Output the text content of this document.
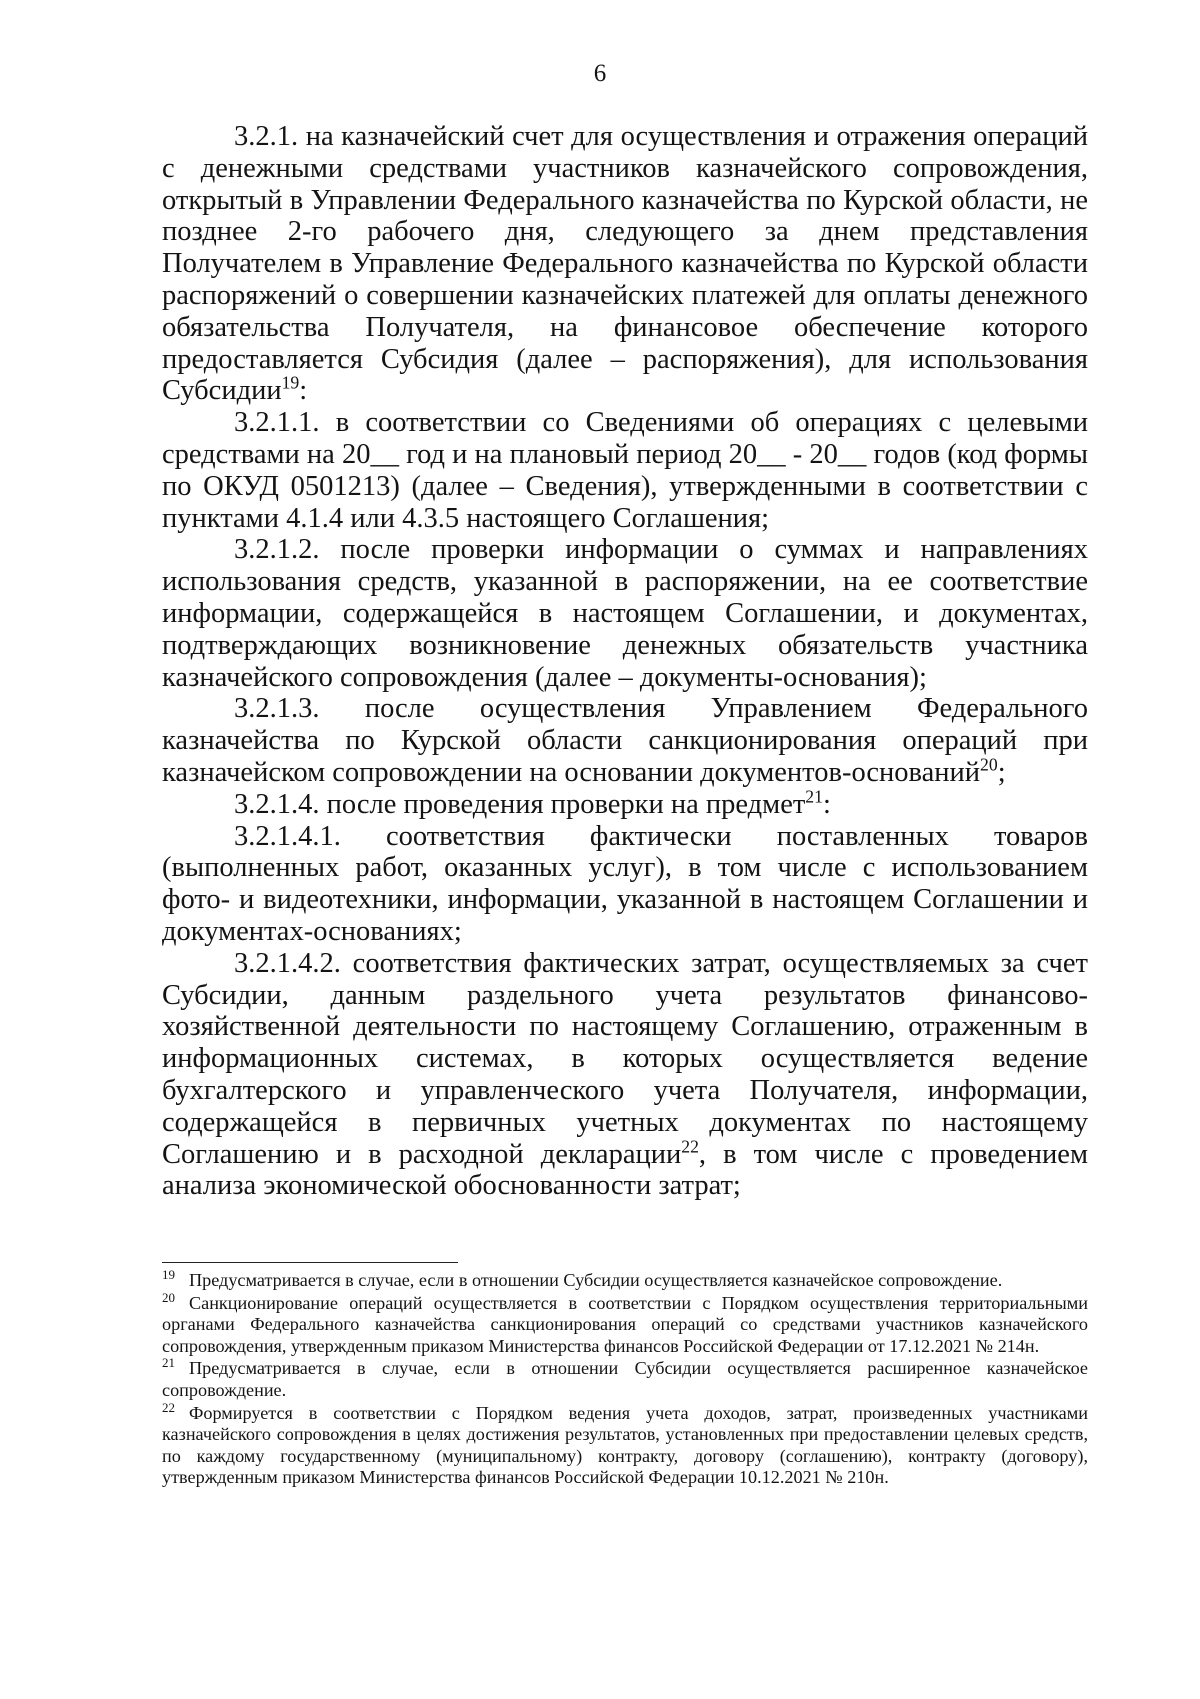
6

3.2.1. на казначейский счет для осуществления и отражения операций с денежными средствами участников казначейского сопровождения, открытый в Управлении Федерального казначейства по Курской области, не позднее 2-го рабочего дня, следующего за днем представления Получателем в Управление Федерального казначейства по Курской области распоряжений о совершении казначейских платежей для оплаты денежного обязательства Получателя, на финансовое обеспечение которого предоставляется Субсидия (далее – распоряжения), для использования Субсидии$^{19}$:

3.2.1.1. в соответствии со Сведениями об операциях с целевыми средствами на 20__ год и на плановый период 20__ - 20__ годов (код формы по ОКУД 0501213) (далее – Сведения), утвержденными в соответствии с пунктами 4.1.4 или 4.3.5 настоящего Соглашения;

3.2.1.2. после проверки информации о суммах и направлениях использования средств, указанной в распоряжении, на ее соответствие информации, содержащейся в настоящем Соглашении, и документах, подтверждающих возникновение денежных обязательств участника казначейского сопровождения (далее – документы-основания);

3.2.1.3. после осуществления Управлением Федерального казначейства по Курской области санкционирования операций при казначейском сопровождении на основании документов-оснований$^{20}$;

3.2.1.4. после проведения проверки на предмет$^{21}$:

3.2.1.4.1. соответствия фактически поставленных товаров (выполненных работ, оказанных услуг), в том числе с использованием фото- и видеотехники, информации, указанной в настоящем Соглашении и документах-основаниях;

3.2.1.4.2. соответствия фактических затрат, осуществляемых за счет Субсидии, данным раздельного учета результатов финансово-хозяйственной деятельности по настоящему Соглашению, отраженным в информационных системах, в которых осуществляется ведение бухгалтерского и управленческого учета Получателя, информации, содержащейся в первичных учетных документах по настоящему Соглашению и в расходной декларации$^{22}$, в том числе с проведением анализа экономической обоснованности затрат;

$^{19}$ Предусматривается в случае, если в отношении Субсидии осуществляется казначейское сопровождение.

$^{20}$ Санкционирование операций осуществляется в соответствии с Порядком осуществления территориальными органами Федерального казначейства санкционирования операций со средствами участников казначейского сопровождения, утвержденным приказом Министерства финансов Российской Федерации от 17.12.2021 № 214н.

$^{21}$ Предусматривается в случае, если в отношении Субсидии осуществляется расширенное казначейское сопровождение.

$^{22}$ Формируется в соответствии с Порядком ведения учета доходов, затрат, произведенных участниками казначейского сопровождения в целях достижения результатов, установленных при предоставлении целевых средств, по каждому государственному (муниципальному) контракту, договору (соглашению), контракту (договору), утвержденным приказом Министерства финансов Российской Федерации 10.12.2021 № 210н.
